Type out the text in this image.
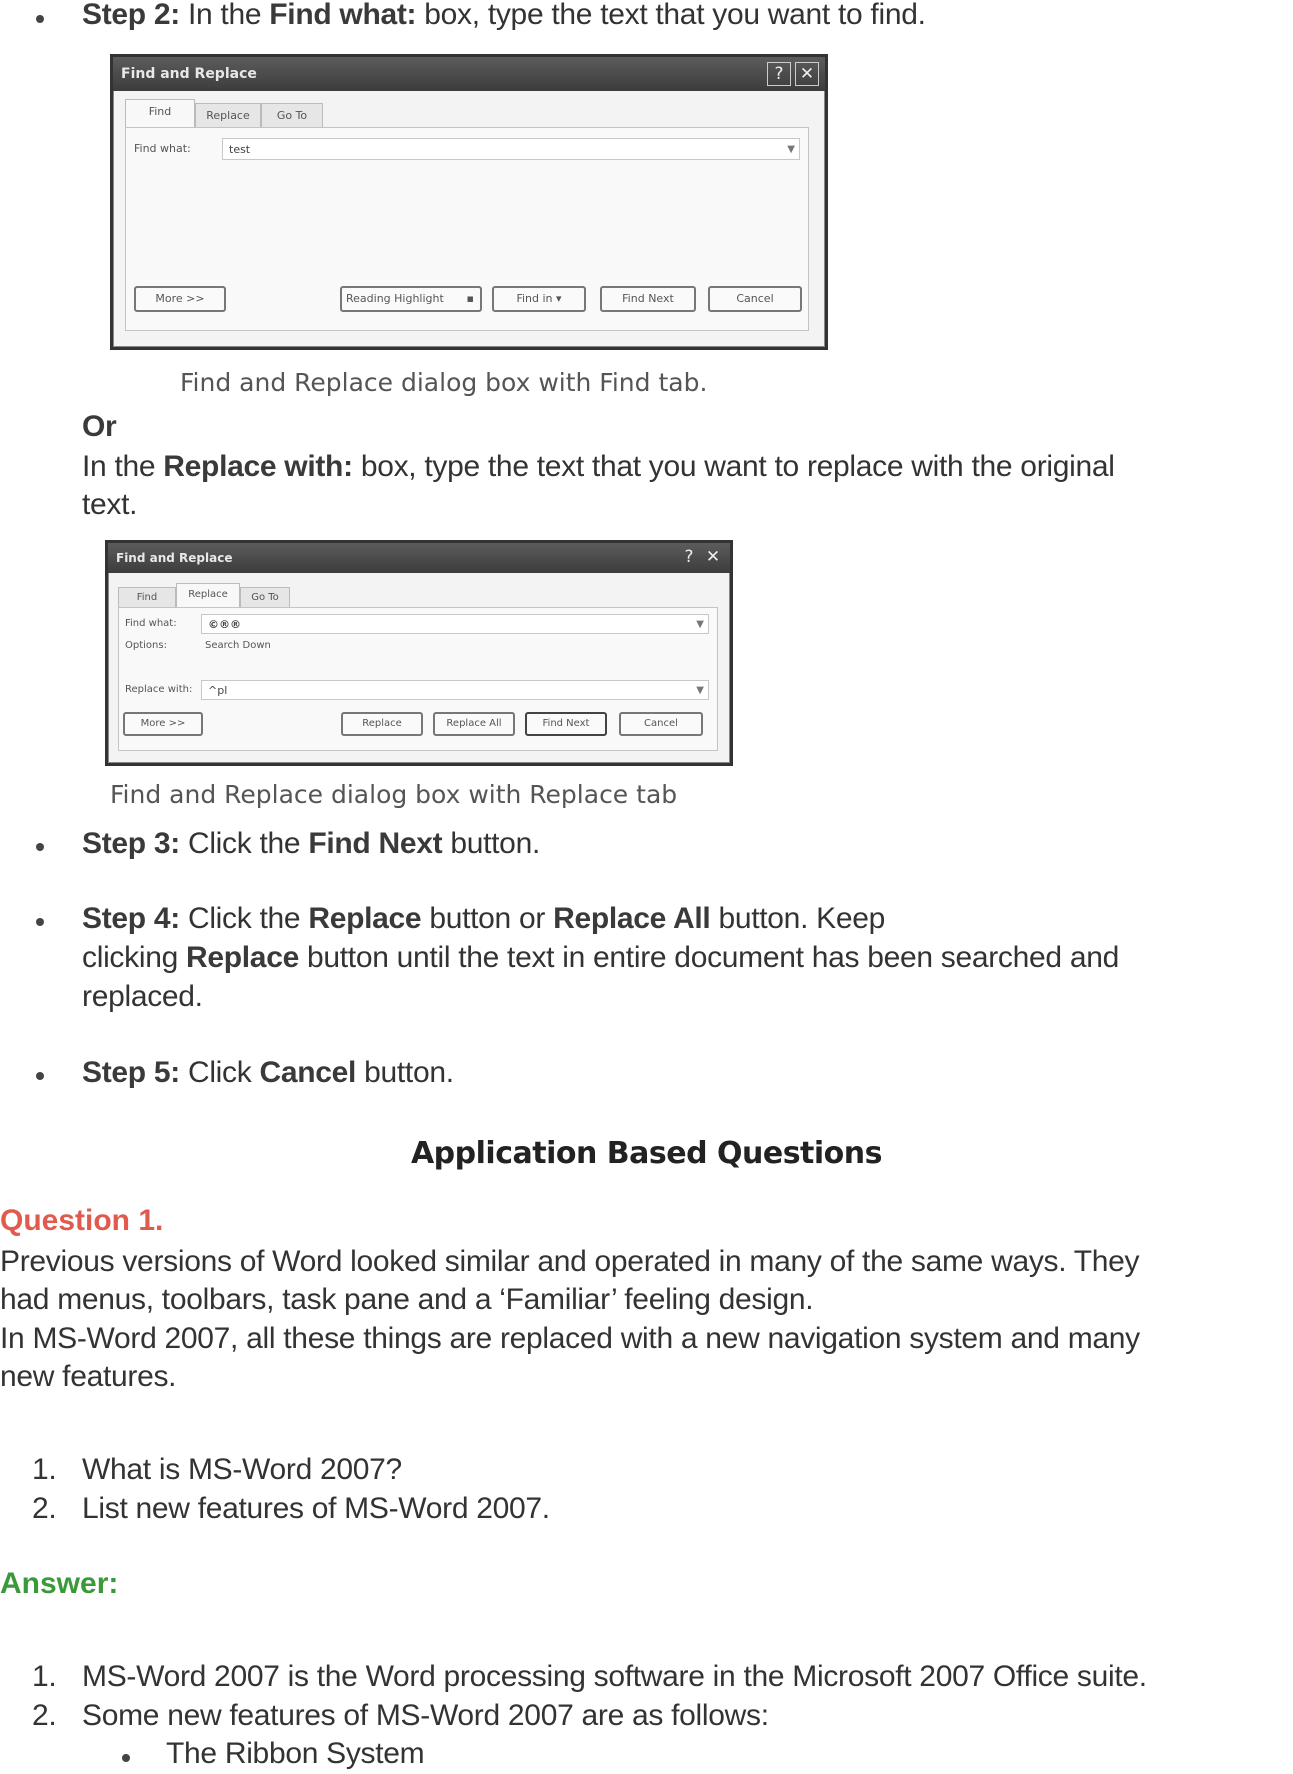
Step 2: In the Find what: box, type the text that you want to find.
Find and Replace	? ✕
Find	Replace	Go To
Find what:	test	▼
More >>	Reading Highlight ▪	Find in ▾	Find Next	Cancel
Find and Replace dialog box with Find tab.
Or
In the Replace with: box, type the text that you want to replace with the original
text.
Find and Replace	? ✕
Find	Replace	Go To
Find what:	©®®	▼
Options:	Search Down
Replace with:	^pl	▼
More >>	Replace	Replace All	Find Next	Cancel
Find and Replace dialog box with Replace tab
Step 3: Click the Find Next button.
Step 4: Click the Replace button or Replace All button. Keep
clicking Replace button until the text in entire document has been searched and
replaced.
Step 5: Click Cancel button.
Application Based Questions
Question 1.
Previous versions of Word looked similar and operated in many of the same ways. They
had menus, toolbars, task pane and a ‘Familiar’ feeling design.
In MS-Word 2007, all these things are replaced with a new navigation system and many
new features.
1. What is MS-Word 2007?
2. List new features of MS-Word 2007.
Answer:
1. MS-Word 2007 is the Word processing software in the Microsoft 2007 Office suite.
2. Some new features of MS-Word 2007 are as follows:
The Ribbon System
